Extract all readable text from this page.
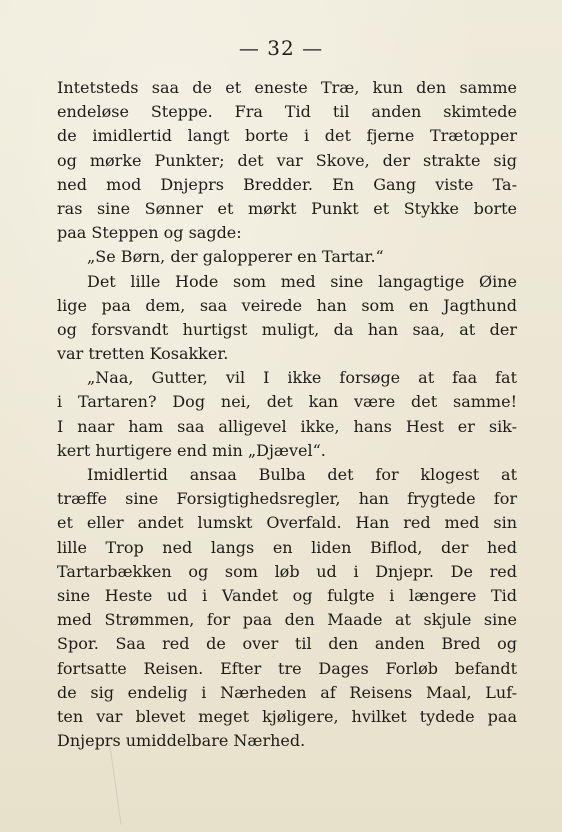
— 32 —
Intetsteds saa de et eneste Træ, kun den samme
endeløse Steppe. Fra Tid til anden skimtede
de imidlertid langt borte i det fjerne Trætopper
og mørke Punkter; det var Skove, der strakte sig
ned mod Dnjeprs Bredder. En Gang viste Ta-
ras sine Sønner et mørkt Punkt et Stykke borte
paa Steppen og sagde:
„Se Børn, der galopperer en Tartar.“
Det lille Hode som med sine langagtige Øine
lige paa dem, saa veirede han som en Jagthund
og forsvandt hurtigst muligt, da han saa, at der
var tretten Kosakker.
„Naa, Gutter, vil I ikke forsøge at faa fat
i Tartaren? Dog nei, det kan være det samme!
I naar ham saa alligevel ikke, hans Hest er sik-
kert hurtigere end min „Djævel“.
Imidlertid ansaa Bulba det for klogest at
træffe sine Forsigtighedsregler, han frygtede for
et eller andet lumskt Overfald. Han red med sin
lille Trop ned langs en liden Biflod, der hed
Tartarbækken og som løb ud i Dnjepr. De red
sine Heste ud i Vandet og fulgte i længere Tid
med Strømmen, for paa den Maade at skjule sine
Spor. Saa red de over til den anden Bred og
fortsatte Reisen. Efter tre Dages Forløb befandt
de sig endelig i Nærheden af Reisens Maal, Luf-
ten var blevet meget kjøligere, hvilket tydede paa
Dnjeprs umiddelbare Nærhed.
